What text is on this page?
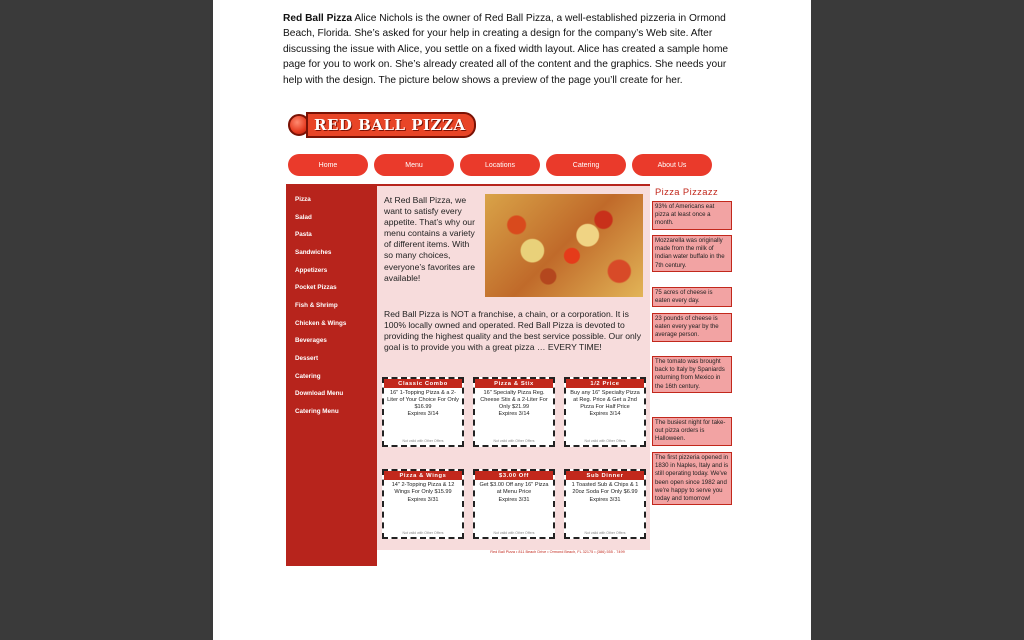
Red Ball Pizza Alice Nichols is the owner of Red Ball Pizza, a well-established pizzeria in Ormond Beach, Florida. She’s asked for your help in creating a design for the company’s Web site. After discussing the issue with Alice, you settle on a fixed width layout. Alice has created a sample home page for you to work on. She’s already created all of the content and the graphics. She needs your help with the design. The picture below shows a preview of the page you’ll create for her.
RED BALL PIZZA
Home	Menu	Locations	Catering	About Us
Pizza
Salad
Pasta
Sandwiches
Appetizers
Pocket Pizzas
Fish & Shrimp
Chicken & Wings
Beverages
Dessert
Catering
Download Menu
Catering Menu
At Red Ball Pizza, we want to satisfy every appetite. That’s why our menu contains a variety of different items. With so many choices, everyone’s favorites are available!
Red Ball Pizza is NOT a franchise, a chain, or a corporation. It is 100% locally owned and operated. Red Ball Pizza is devoted to providing the highest quality and the best service possible. Our only goal is to provide you with a great pizza … EVERY TIME!
Classic Combo
16" 1-Topping Pizza & a 2-Liter of Your Choice For Only $16.99
Expires 3/14
Not valid with Other Offers
Pizza & Stix
16" Specialty Pizza Reg. Cheese Stix & a 2-Liter For Only $21.99
Expires 3/14
Not valid with Other Offers
1/2 Price
Buy any 16" Specialty Pizza at Reg. Price & Get a 2nd Pizza For Half Price
Expires 3/14
Not valid with Other Offers
Pizza & Wings
14" 2-Topping Pizza & 12 Wings For Only $15.99
Expires 3/31
Not valid with Other Offers
$3.00 Off
Get $3.00 Off any 16" Pizza at Menu Price
Expires 3/31
Not valid with Other Offers
Sub Dinner
1 Toasted Sub & Chips & 1 20oz Soda For Only $6.99
Expires 3/31
Not valid with Other Offers
Pizza Pizzazz
93% of Americans eat pizza at least once a month.
Mozzarella was originally made from the milk of Indian water buffalo in the 7th century.
75 acres of cheese is eaten every day.
23 pounds of cheese is eaten every year by the average person.
The tomato was brought back to Italy by Spaniards returning from Mexico in the 16th century.
The busiest night for take-out pizza orders is Halloween.
The first pizzeria opened in 1830 in Naples, Italy and is still operating today. We've been open since 1982 and we're happy to serve you today and tomorrow!
Red Ball Pizza • 811 Beach Drive • Ormond Beach, FL 32175 • (386) 555 - 7499
